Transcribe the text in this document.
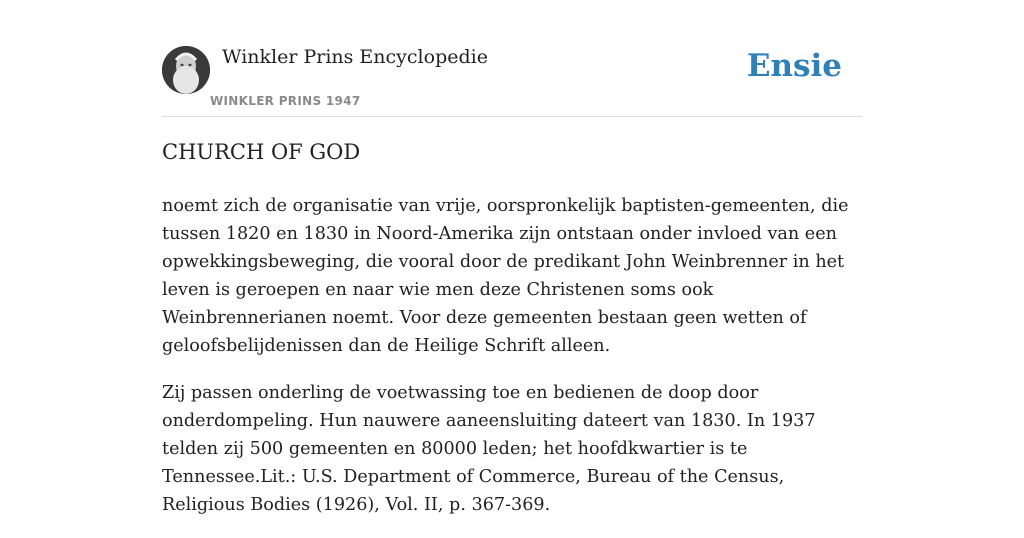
Winkler Prins Encyclopedie
WINKLER PRINS 1947
Ensie
CHURCH OF GOD

noemt zich de organisatie van vrije, oorspronkelijk baptisten-gemeenten, die tussen 1820 en 1830 in Noord-Amerika zijn ontstaan onder invloed van een opwekkingsbeweging, die vooral door de predikant John Weinbrenner in het leven is geroepen en naar wie men deze Christenen soms ook Weinbrennerianen noemt. Voor deze gemeenten bestaan geen wetten of geloofsbelijdenissen dan de Heilige Schrift alleen.

Zij passen onderling de voetwassing toe en bedienen de doop door onderdompeling. Hun nauwere aaneensluiting dateert van 1830. In 1937 telden zij 500 gemeenten en 80000 leden; het hoofdkwartier is te Tennessee.Lit.: U.S. Department of Commerce, Bureau of the Census, Religious Bodies (1926), Vol. II, p. 367-369.
